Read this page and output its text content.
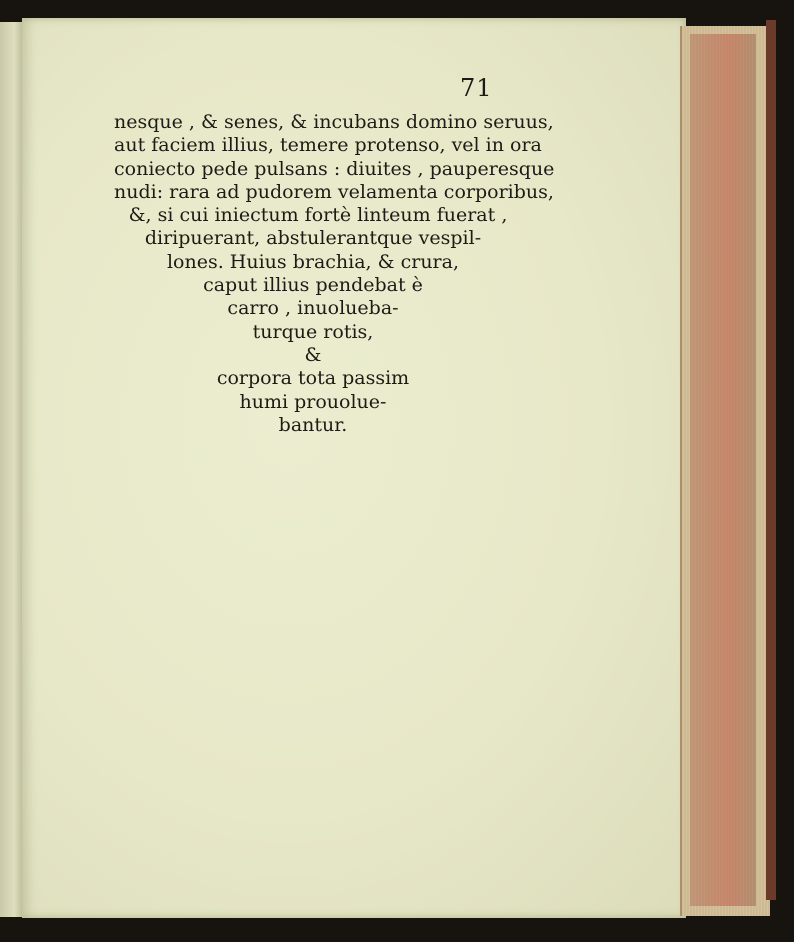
71
nesque , & senes, & incubans domino seruus,
aut faciem illius, temere protenso, vel in ora
coniecto pede pulsans : diuites , pauperesque
nudi: rara ad pudorem velamenta corporibus,
&, si cui iniectum fortè linteum fuerat ,
diripuerant, abstulerantque vespil-
lones. Huius brachia, & crura,
caput illius pendebat è
carro , inuolueba-
turque rotis,
&
corpora tota passim
humi prouolue-
bantur.
